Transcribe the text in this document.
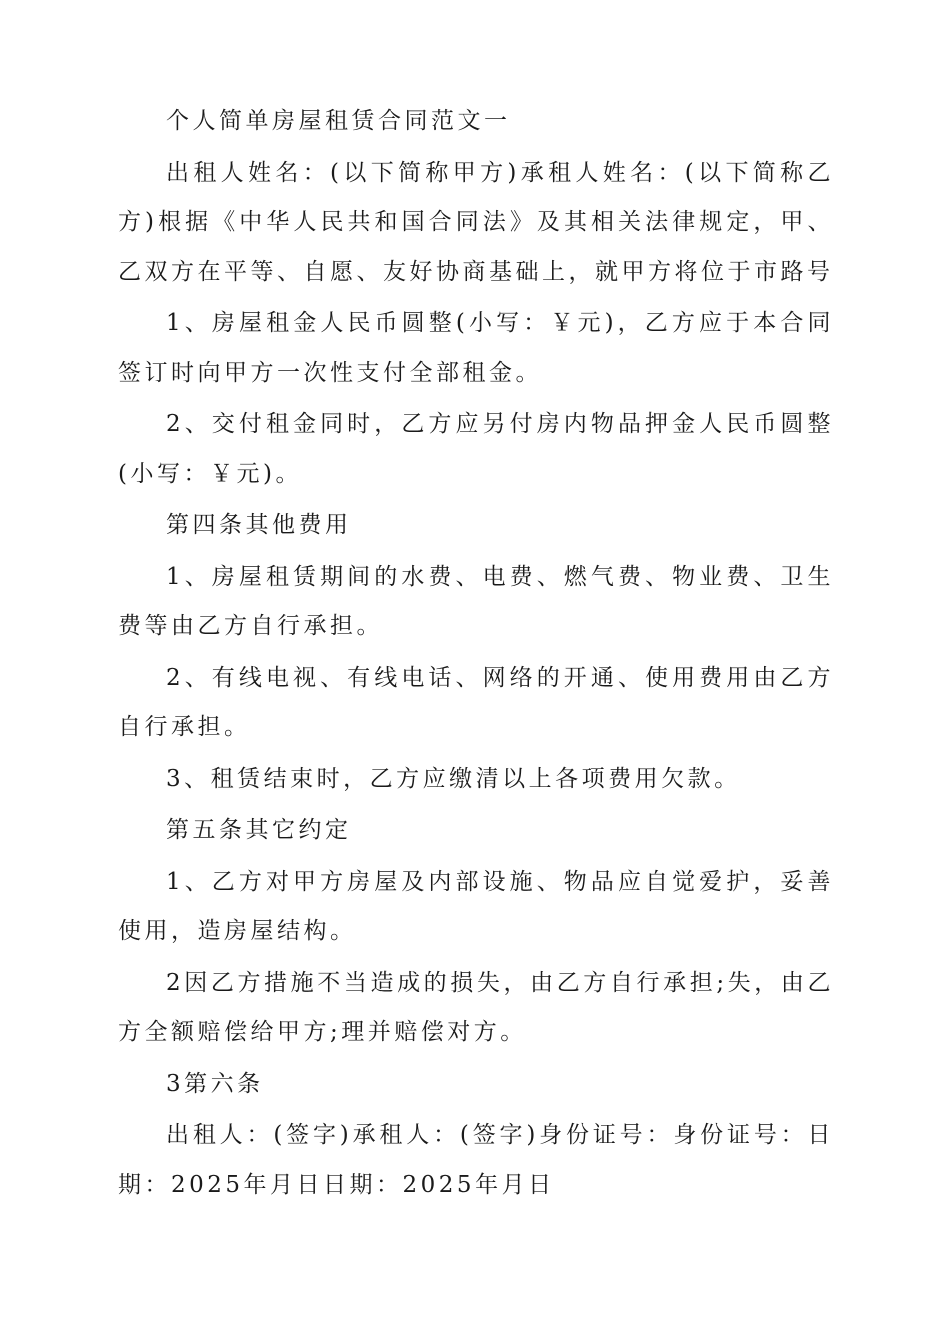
个人简单房屋租赁合同范文一

出租人姓名：(以下简称甲方)承租人姓名：(以下简称乙方)根据《中华人民共和国合同法》及其相关法律规定，甲、乙双方在平等、自愿、友好协商基础上，就甲方将位于市路号

1、房屋租金人民币圆整(小写：￥元)，乙方应于本合同签订时向甲方一次性支付全部租金。

2、交付租金同时，乙方应另付房内物品押金人民币圆整(小写：￥元)。

第四条其他费用

1、房屋租赁期间的水费、电费、燃气费、物业费、卫生费等由乙方自行承担。

2、有线电视、有线电话、网络的开通、使用费用由乙方自行承担。

3、租赁结束时，乙方应缴清以上各项费用欠款。

第五条其它约定

1、乙方对甲方房屋及内部设施、物品应自觉爱护，妥善使用，造房屋结构。

2因乙方措施不当造成的损失，由乙方自行承担;失，由乙方全额赔偿给甲方;理并赔偿对方。

3第六条

出租人：(签字)承租人：(签字)身份证号：身份证号：日期：2025年月日日期：2025年月日
